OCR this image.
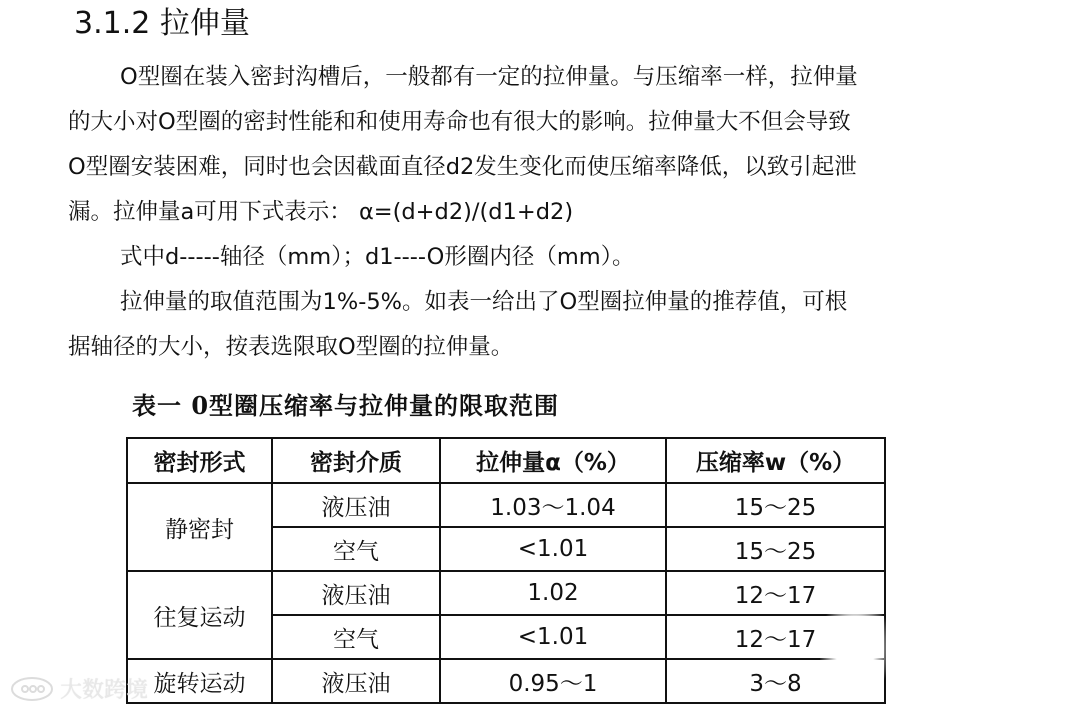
3.1.2 拉伸量

O型圈在装入密封沟槽后，一般都有一定的拉伸量。与压缩率一样，拉伸量

的大小对O型圈的密封性能和和使用寿命也有很大的影响。拉伸量大不但会导致

O型圈安装困难，同时也会因截面直径d2发生变化而使压缩率降低，以致引起泄

漏。拉伸量a可用下式表示： α=(d+d2)/(d1+d2)

式中d-----轴径（mm）；d1----O形圈内径（mm）。

拉伸量的取值范围为1%-5%。如表一给出了O型圈拉伸量的推荐值，可根

据轴径的大小，按表选限取O型圈的拉伸量。

表一 0型圈压缩率与拉伸量的限取范围
密封形式	密封介质	拉伸量α（%）	压缩率w（%）
静密封	液压油	1.03～1.04	15～25
	空气	<1.01	15～25
往复运动	液压油	1.02	12～17
	空气	<1.01	12～17
旋转运动	液压油	0.95～1	3～8
大数跨境
